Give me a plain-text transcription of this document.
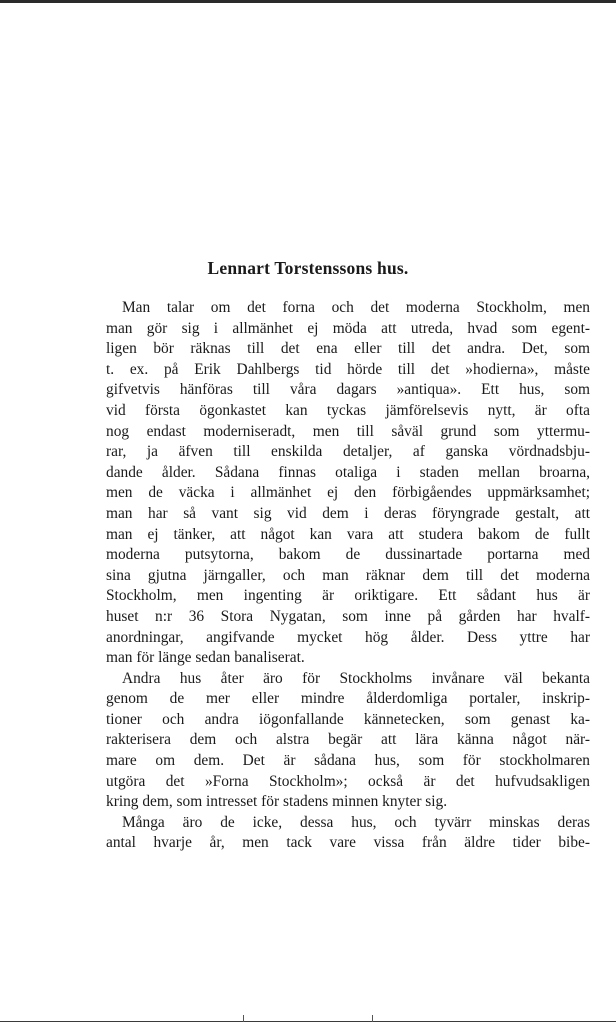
Lennart Torstenssons hus.
Man talar om det forna och det moderna Stockholm, men
man gör sig i allmänhet ej möda att utreda, hvad som egent-
ligen bör räknas till det ena eller till det andra. Det, som
t. ex. på Erik Dahlbergs tid hörde till det »hodierna», måste
gifvetvis hänföras till våra dagars »antiqua». Ett hus, som
vid första ögonkastet kan tyckas jämförelsevis nytt, är ofta
nog endast moderniseradt, men till såväl grund som yttermu-
rar, ja äfven till enskilda detaljer, af ganska vördnadsbju-
dande ålder. Sådana finnas otaliga i staden mellan broarna,
men de väcka i allmänhet ej den förbigåendes uppmärksamhet;
man har så vant sig vid dem i deras föryngrade gestalt, att
man ej tänker, att något kan vara att studera bakom de fullt
moderna putsytorna, bakom de dussinartade portarna med
sina gjutna järngaller, och man räknar dem till det moderna
Stockholm, men ingenting är oriktigare. Ett sådant hus är
huset n:r 36 Stora Nygatan, som inne på gården har hvalf-
anordningar, angifvande mycket hög ålder. Dess yttre har
man för länge sedan banaliserat.
Andra hus åter äro för Stockholms invånare väl bekanta
genom de mer eller mindre ålderdomliga portaler, inskrip-
tioner och andra iögonfallande kännetecken, som genast ka-
rakterisera dem och alstra begär att lära känna något när-
mare om dem. Det är sådana hus, som för stockholmaren
utgöra det »Forna Stockholm»; också är det hufvudsakligen
kring dem, som intresset för stadens minnen knyter sig.
Många äro de icke, dessa hus, och tyvärr minskas deras
antal hvarje år, men tack vare vissa från äldre tider bibe-
